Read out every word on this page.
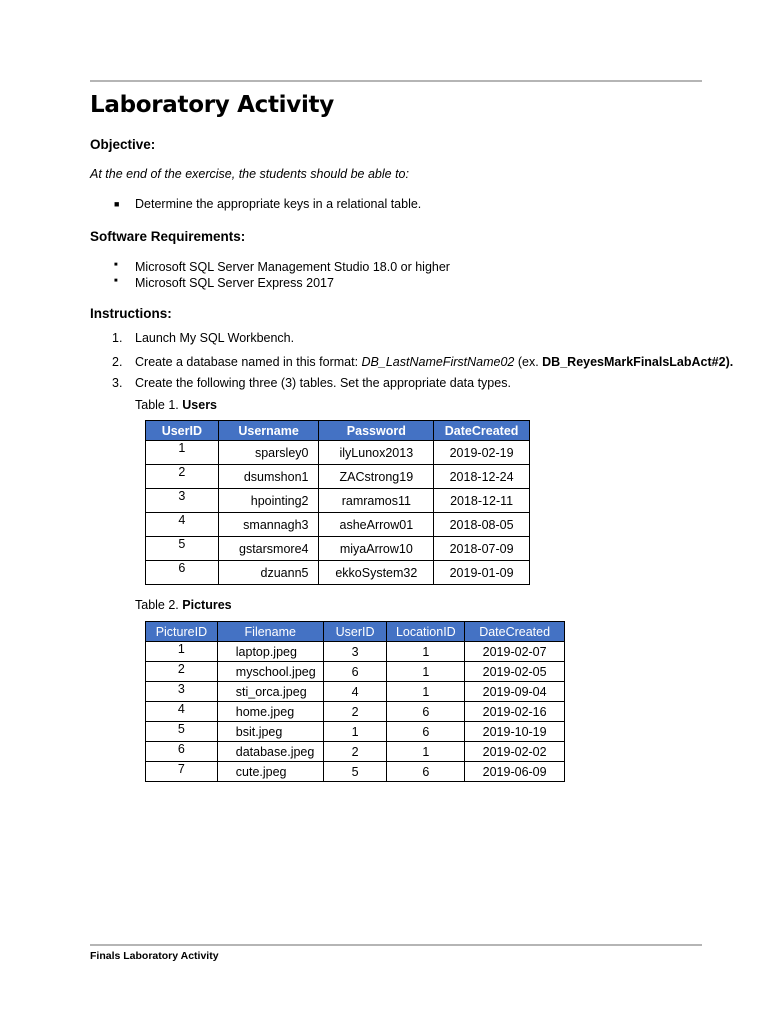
Laboratory Activity

Objective:

At the end of the exercise, the students should be able to:

■ Determine the appropriate keys in a relational table.

Software Requirements:

■ Microsoft SQL Server Management Studio 18.0 or higher

■ Microsoft SQL Server Express 2017

Instructions:

1. Launch My SQL Workbench.

2. Create a database named in this format: DB_LastNameFirstName02 (ex. DB_ReyesMarkFinalsLabAct#2).

3. Create the following three (3) tables. Set the appropriate data types.

Table 1. Users

UserID	Username	Password	DateCreated
1	sparsley0	ilyLunox2013	2019-02-19
2	dsumshon1	ZACstrong19	2018-12-24
3	hpointing2	ramramos11	2018-12-11
4	smannagh3	asheArrow01	2018-08-05
5	gstarsmore4	miyaArrow10	2018-07-09
6	dzuann5	ekkoSystem32	2019-01-09

Table 2. Pictures

PictureID	Filename	UserID	LocationID	DateCreated
1	laptop.jpeg	3	1	2019-02-07
2	myschool.jpeg	6	1	2019-02-05
3	sti_orca.jpeg	4	1	2019-09-04
4	home.jpeg	2	6	2019-02-16
5	bsit.jpeg	1	6	2019-10-19
6	database.jpeg	2	1	2019-02-02
7	cute.jpeg	5	6	2019-06-09
Finals Laboratory Activity
